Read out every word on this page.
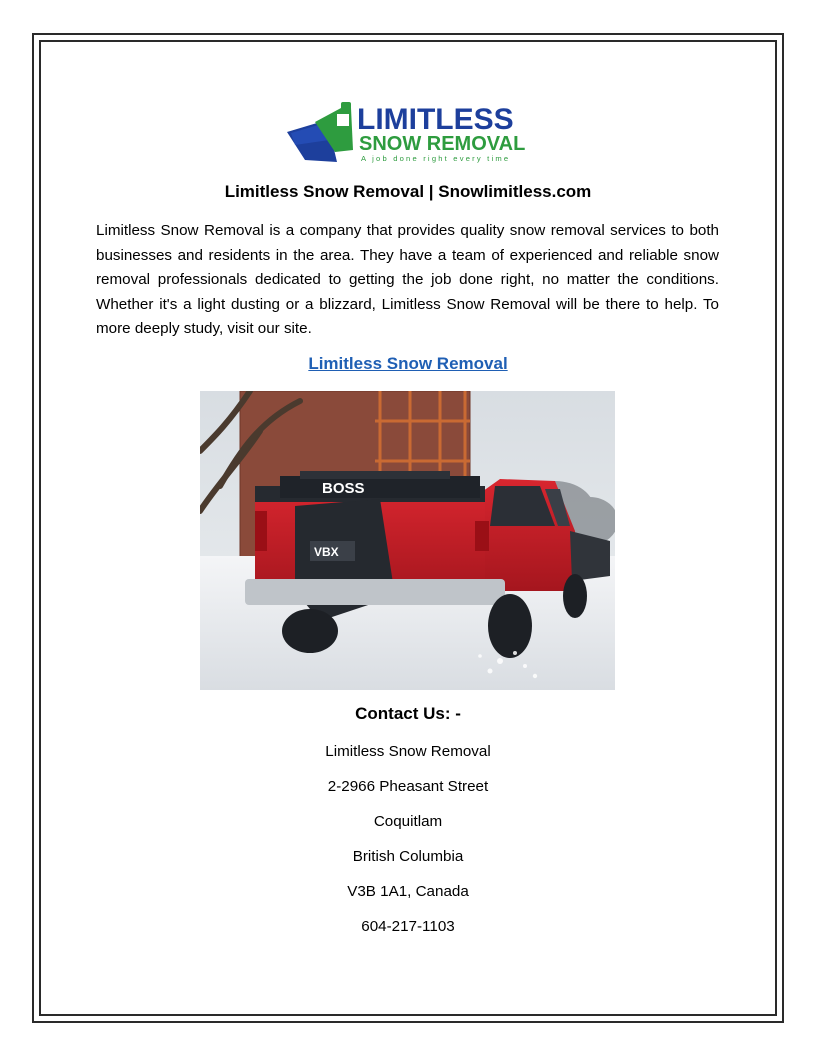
LIMITLESS
SNOW REMOVAL
A job done right every time
Limitless Snow Removal | Snowlimitless.com

Limitless Snow Removal is a company that provides quality snow removal services to both businesses and residents in the area. They have a team of experienced and reliable snow removal professionals dedicated to getting the job done right, no matter the conditions. Whether it's a light dusting or a blizzard, Limitless Snow Removal will be there to help. To more deeply study, visit our site.

Limitless Snow Removal
BOSS
VBX
Contact Us: -
Limitless Snow Removal
2-2966 Pheasant Street
Coquitlam
British Columbia
V3B 1A1, Canada
604-217-1103
